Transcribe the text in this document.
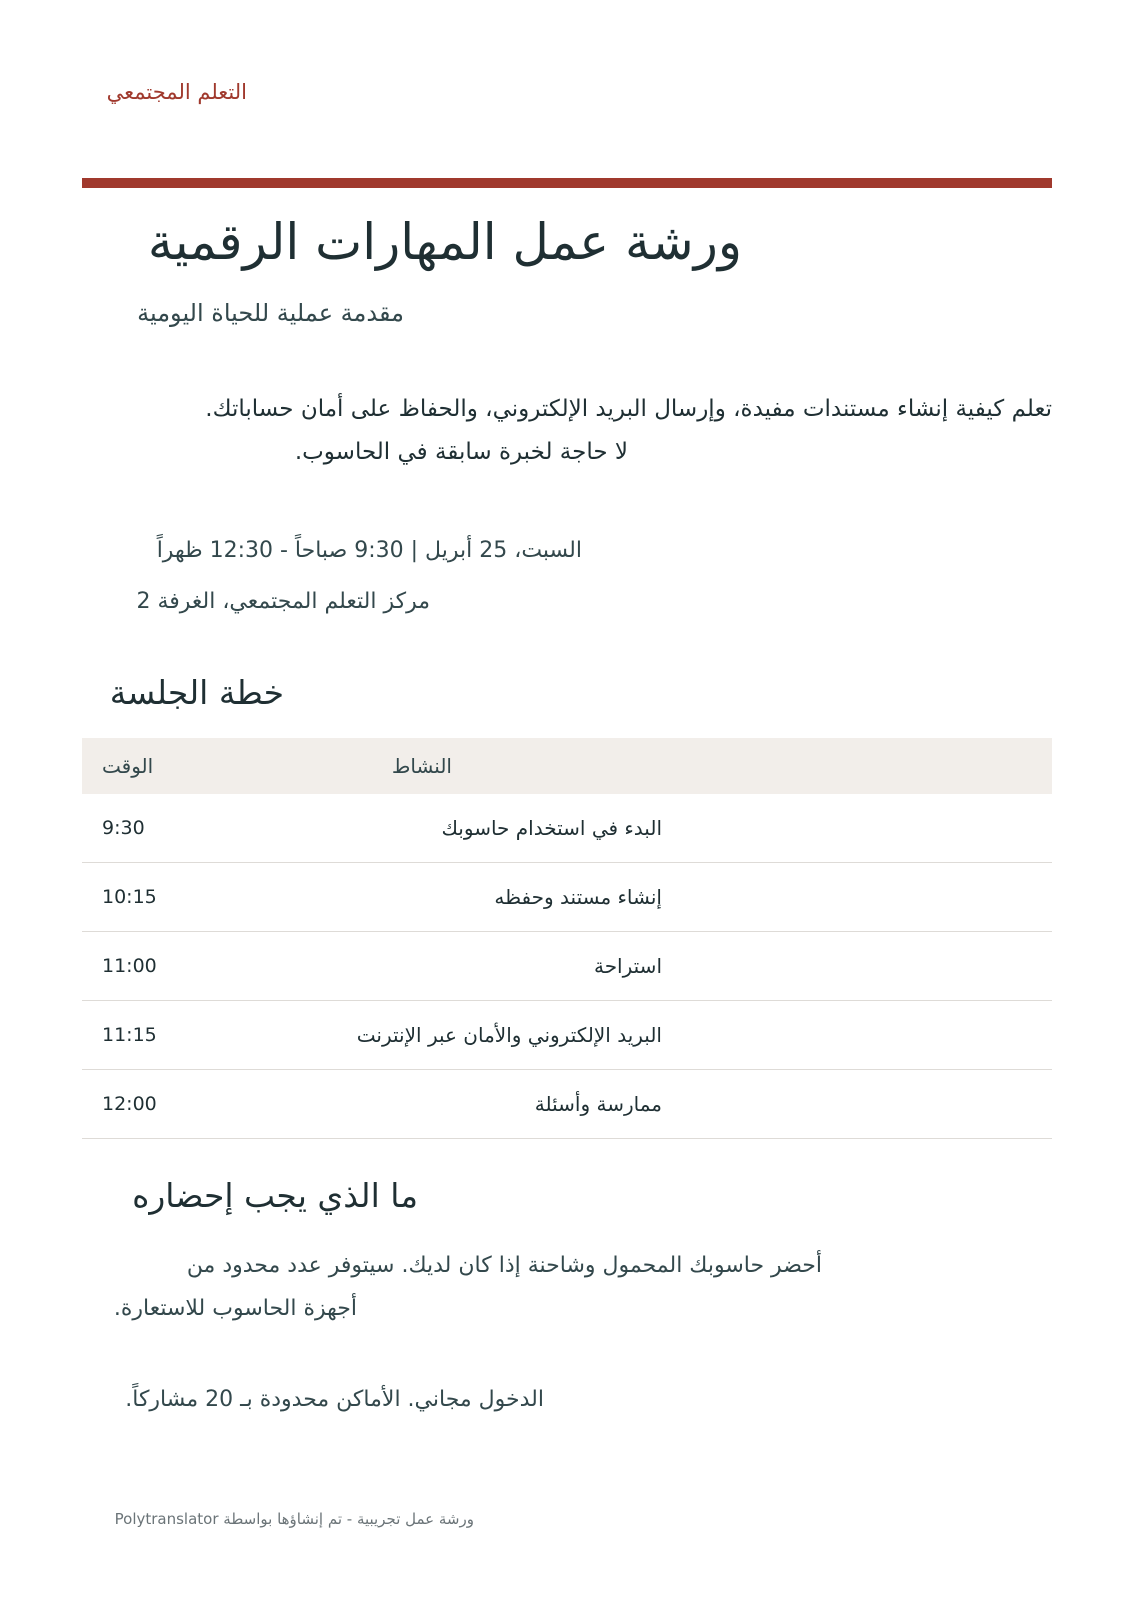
التعلم المجتمعي
ورشة عمل المهارات الرقمية
مقدمة عملية للحياة اليومية
تعلم كيفية إنشاء مستندات مفيدة، وإرسال البريد الإلكتروني، والحفاظ على أمان حساباتك.
لا حاجة لخبرة سابقة في الحاسوب.
السبت، 25 أبريل | 9:30 صباحاً - 12:30 ظهراً
مركز التعلم المجتمعي، الغرفة 2
خطة الجلسة
النشاط
الوقت
البدء في استخدام حاسوبك
9:30
إنشاء مستند وحفظه
10:15
استراحة
11:00
البريد الإلكتروني والأمان عبر الإنترنت
11:15
ممارسة وأسئلة
12:00
ما الذي يجب إحضاره
أحضر حاسوبك المحمول وشاحنة إذا كان لديك. سيتوفر عدد محدود من
أجهزة الحاسوب للاستعارة.
الدخول مجاني. الأماكن محدودة بـ 20 مشاركاً.
ورشة عمل تجريبية - تم إنشاؤها بواسطة Polytranslator
